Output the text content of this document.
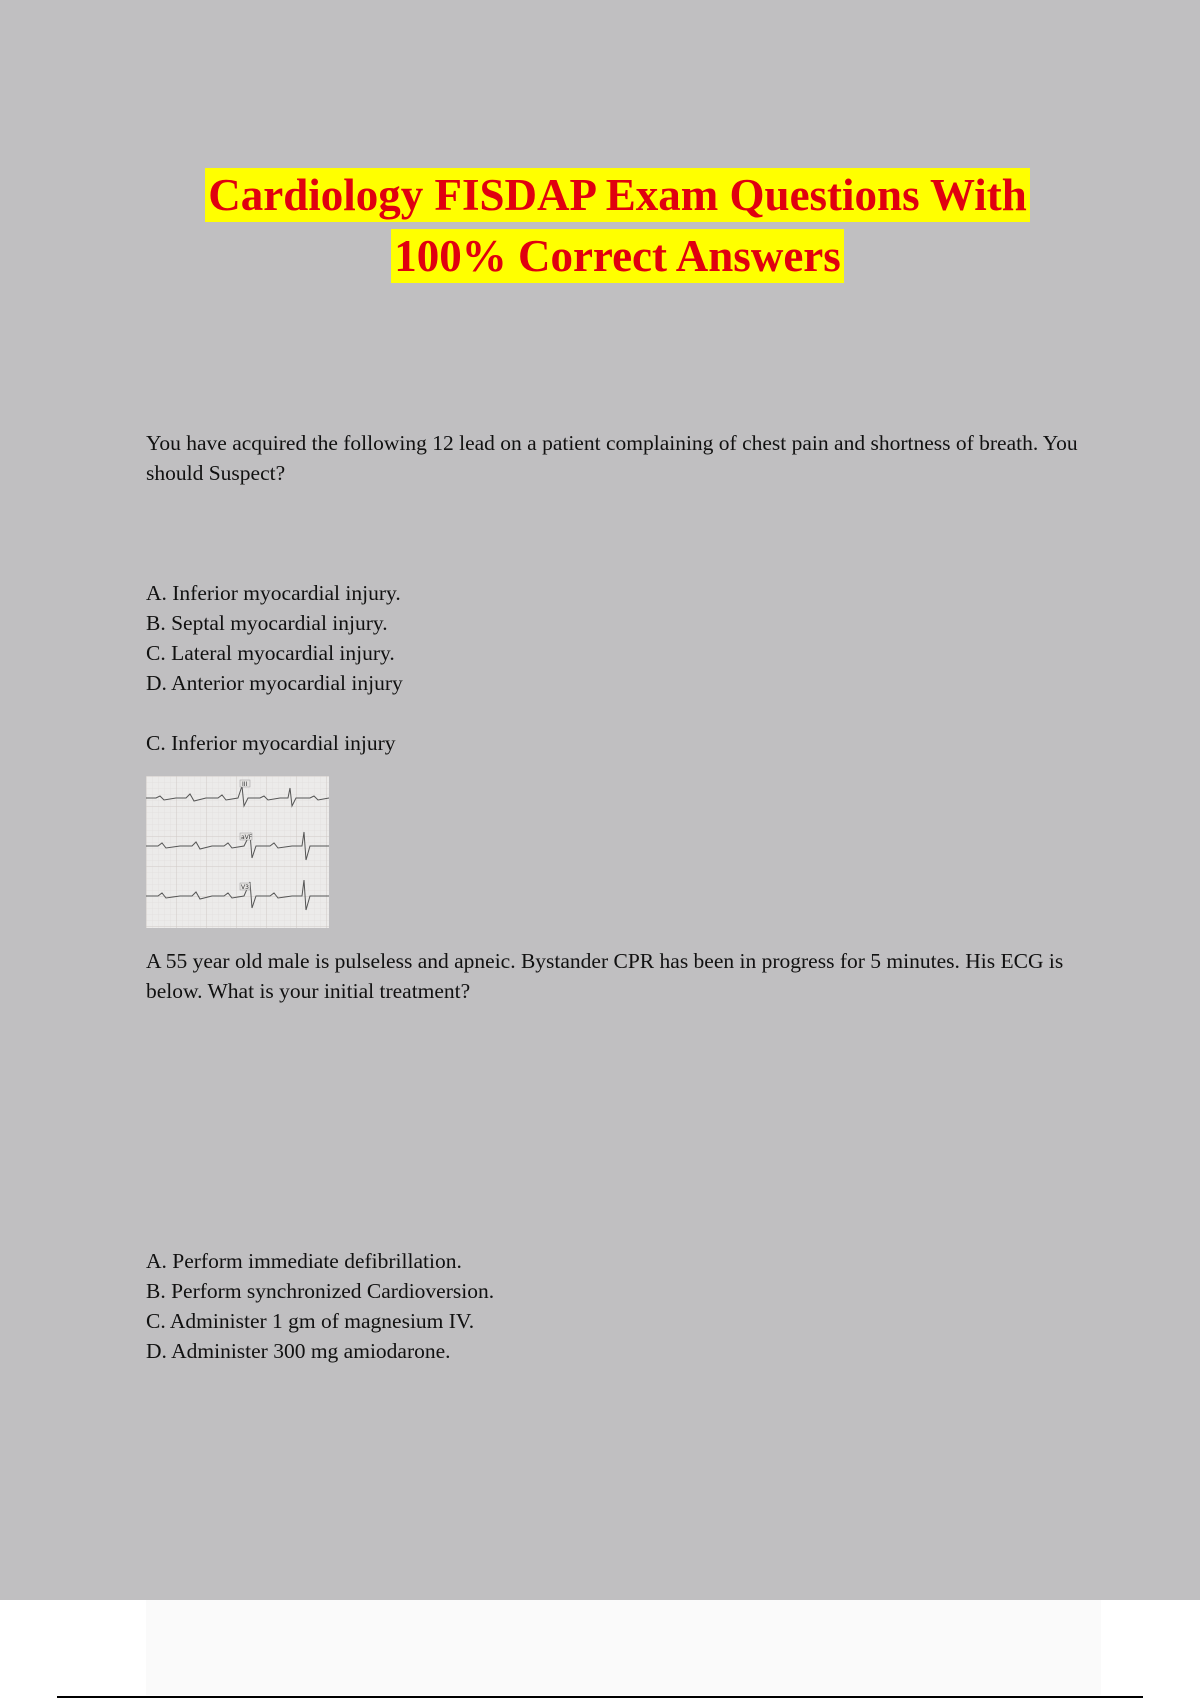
Cardiology FISDAP Exam Questions With
100% Correct Answers

You have acquired the following 12 lead on a patient complaining of chest pain and shortness of breath. You should Suspect?

A. Inferior myocardial injury.
B. Septal myocardial injury.
C. Lateral myocardial injury.
D. Anterior myocardial injury

C. Inferior myocardial injury

III
aVF
V3

A 55 year old male is pulseless and apneic. Bystander CPR has been in progress for 5 minutes. His ECG is below. What is your initial treatment?

A. Perform immediate defibrillation.
B. Perform synchronized Cardioversion.
C. Administer 1 gm of magnesium IV.
D. Administer 300 mg amiodarone.
